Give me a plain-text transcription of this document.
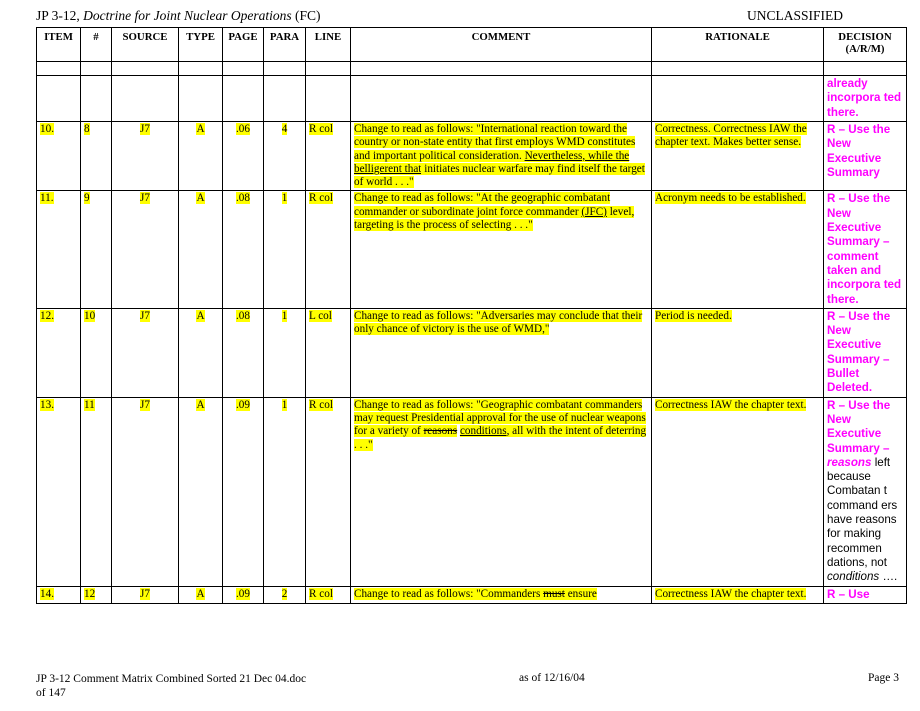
JP 3-12, Doctrine for Joint Nuclear Operations (FC)	UNCLASSIFIED
ITEM	#	SOURCE	TYPE	PAGE	PARA	LINE	COMMENT	RATIONALE	DECISION
(A/R/M)

									already incorpora ted there.
10.	8	J7	A	.06	4	R col	Change to read as follows: "International reaction toward the country or non-state entity that first employs WMD constitutes and important political consideration. Nevertheless, while the belligerent that initiates nuclear warfare may find itself the target of world . . ."	Correctness. Correctness IAW the chapter text. Makes better sense.	R – Use the New Executive Summary
11.	9	J7	A	.08	1	R col	Change to read as follows: "At the geographic combatant commander or subordinate joint force commander (JFC) level, targeting is the process of selecting . . ."	Acronym needs to be established.	R – Use the New Executive Summary – comment taken and incorpora ted there.
12.	10	J7	A	.08	1	L col	Change to read as follows: "Adversaries may conclude that their only chance of victory is the use of WMD,"	Period is needed.	R – Use the New Executive Summary – Bullet Deleted.
13.	11	J7	A	.09	1	R col	Change to read as follows: "Geographic combatant commanders may request Presidential approval for the use of nuclear weapons for a variety of reasons conditions, all with the intent of deterring . . ."	Correctness IAW the chapter text.	R – Use the New Executive Summary – reasons left because Combatan t command ers have reasons for making recommen dations, not conditions ….
14.	12	J7	A	.09	2	R col	Change to read as follows: "Commanders must ensure	Correctness IAW the chapter text.	R – Use
JP 3-12 Comment Matrix Combined Sorted 21 Dec 04.doc
of 147
as of 12/16/04	Page 3
